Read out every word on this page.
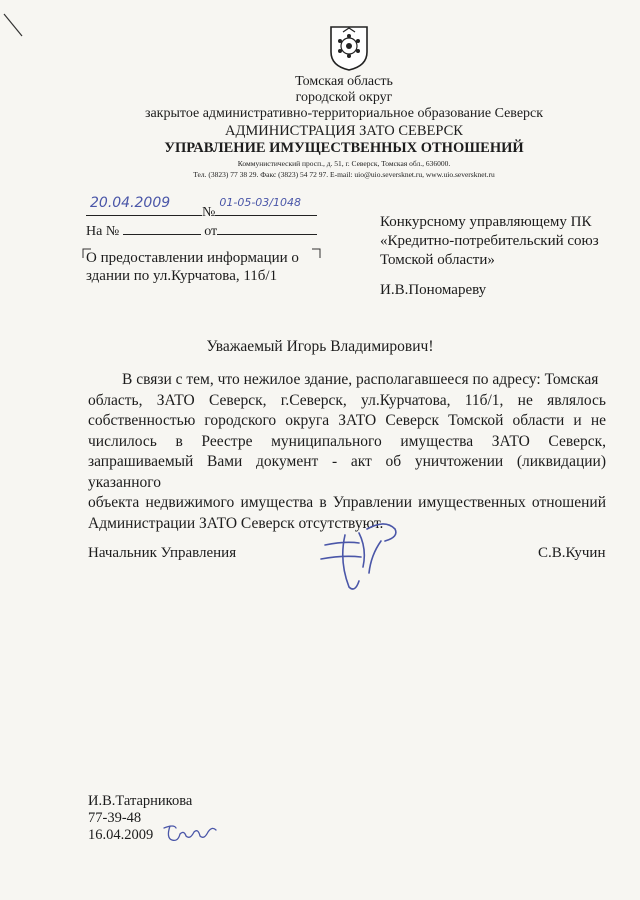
Томская область
городской округ
закрытое административно-территориальное образование Северск
АДМИНИСТРАЦИЯ ЗАТО СЕВЕРСК
УПРАВЛЕНИЕ ИМУЩЕСТВЕННЫХ ОТНОШЕНИЙ
Коммунистический просп., д. 51, г. Северск, Томская обл., 636000.
Тел. (3823) 77 38 29. Факс (3823) 54 72 97. E-mail: uio@uio.seversknet.ru, www.uio.seversknet.ru
20.04.2009
№
01-05-03/1048
На №	от
О предоставлении информации о
здании по ул.Курчатова, 11б/1
Конкурсному управляющему ПК
«Кредитно-потребительский союз
Томской области»
И.В.Пономареву
Уважаемый Игорь Владимирович!

В связи с тем, что нежилое здание, располагавшееся по адресу: Томская

область, ЗАТО Северск, г.Северск, ул.Курчатова, 11б/1, не являлось

собственностью городского округа ЗАТО Северск Томской области и не

числилось в Реестре муниципального имущества ЗАТО Северск,

запрашиваемый Вами документ - акт об уничтожении (ликвидации) указанного

объекта недвижимого имущества в Управлении имущественных отношений

Администрации ЗАТО Северск отсутствуют.

Начальник Управления	С.В.Кучин
И.В.Татарникова
77-39-48
16.04.2009
